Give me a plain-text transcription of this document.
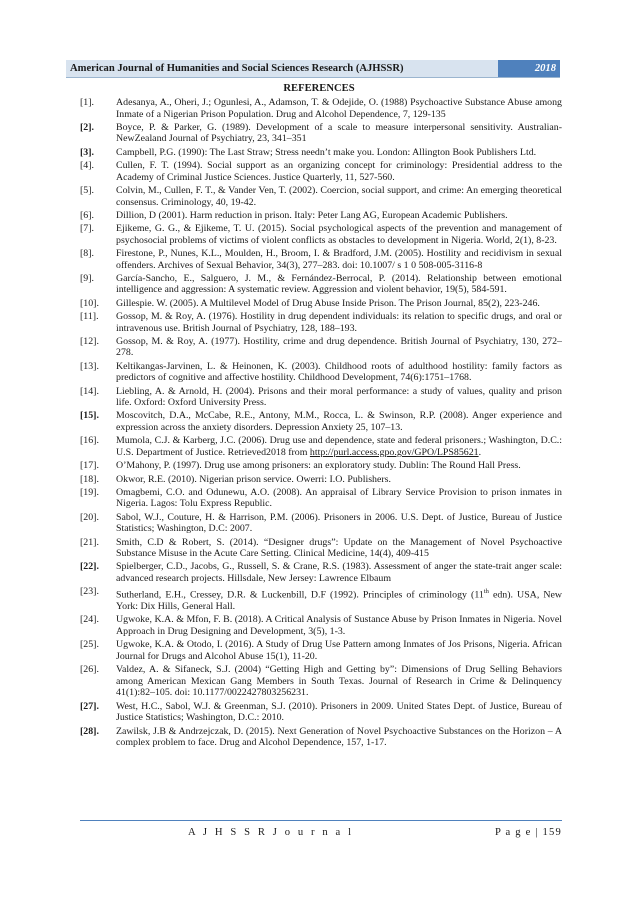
American Journal of Humanities and Social Sciences Research (AJHSSR)	2018
REFERENCES
[1]. Adesanya, A., Oheri, J.; Ogunlesi, A., Adamson, T. & Odejide, O. (1988) Psychoactive Substance Abuse among Inmate of a Nigerian Prison Population. Drug and Alcohol Dependence, 7, 129-135
[2]. Boyce, P. & Parker, G. (1989). Development of a scale to measure interpersonal sensitivity. Australian-NewZealand Journal of Psychiatry, 23, 341–351
[3]. Campbell, P.G. (1990): The Last Straw; Stress needn’t make you. London: Allington Book Publishers Ltd.
[4]. Cullen, F. T. (1994). Social support as an organizing concept for criminology: Presidential address to the Academy of Criminal Justice Sciences. Justice Quarterly, 11, 527-560.
[5]. Colvin, M., Cullen, F. T., & Vander Ven, T. (2002). Coercion, social support, and crime: An emerging theoretical consensus. Criminology, 40, 19-42.
[6]. Dillion, D (2001). Harm reduction in prison. Italy: Peter Lang AG, European Academic Publishers.
[7]. Ejikeme, G. G., & Ejikeme, T. U. (2015). Social psychological aspects of the prevention and management of psychosocial problems of victims of violent conflicts as obstacles to development in Nigeria. World, 2(1), 8-23.
[8]. Firestone, P., Nunes, K.L., Moulden, H., Broom, I. & Bradford, J.M. (2005). Hostility and recidivism in sexual offenders. Archives of Sexual Behavior, 34(3), 277–283. doi: 10.1007/ s 1 0 508-005-3116-8
[9]. García-Sancho, E., Salguero, J. M., & Fernández-Berrocal, P. (2014). Relationship between emotional intelligence and aggression: A systematic review. Aggression and violent behavior, 19(5), 584-591.
[10]. Gillespie. W. (2005). A Multilevel Model of Drug Abuse Inside Prison. The Prison Journal, 85(2), 223-246.
[11]. Gossop, M. & Roy, A. (1976). Hostility in drug dependent individuals: its relation to specific drugs, and oral or intravenous use. British Journal of Psychiatry, 128, 188–193.
[12]. Gossop, M. & Roy, A. (1977). Hostility, crime and drug dependence. British Journal of Psychiatry, 130, 272–278.
[13]. Keltikangas-Jarvinen, L. & Heinonen, K. (2003). Childhood roots of adulthood hostility: family factors as predictors of cognitive and affective hostility. Childhood Development, 74(6):1751–1768.
[14]. Liebling, A. & Arnold, H. (2004). Prisons and their moral performance: a study of values, quality and prison life. Oxford: Oxford University Press.
[15]. Moscovitch, D.A., McCabe, R.E., Antony, M.M., Rocca, L. & Swinson, R.P. (2008). Anger experience and expression across the anxiety disorders. Depression Anxiety 25, 107–13.
[16]. Mumola, C.J. & Karberg, J.C. (2006). Drug use and dependence, state and federal prisoners.; Washington, D.C.: U.S. Department of Justice. Retrieved2018 from http://purl.access.gpo.gov/GPO/LPS85621.
[17]. O’Mahony, P. (1997). Drug use among prisoners: an exploratory study. Dublin: The Round Hall Press.
[18]. Okwor, R.E. (2010). Nigerian prison service. Owerri: I.O. Publishers.
[19]. Omagbemi, C.O. and Odunewu, A.O. (2008). An appraisal of Library Service Provision to prison inmates in Nigeria. Lagos: Tolu Express Republic.
[20]. Sabol, W.J., Couture, H. & Harrison, P.M. (2006). Prisoners in 2006. U.S. Dept. of Justice, Bureau of Justice Statistics; Washington, D.C: 2007.
[21]. Smith, C.D & Robert, S. (2014). “Designer drugs”: Update on the Management of Novel Psychoactive Substance Misuse in the Acute Care Setting. Clinical Medicine, 14(4), 409-415
[22]. Spielberger, C.D., Jacobs, G., Russell, S. & Crane, R.S. (1983). Assessment of anger the state-trait anger scale: advanced research projects. Hillsdale, New Jersey: Lawrence Elbaum
[23]. Sutherland, E.H., Cressey, D.R. & Luckenbill, D.F (1992). Principles of criminology (11th edn). USA, New York: Dix Hills, General Hall.
[24]. Ugwoke, K.A. & Mfon, F. B. (2018). A Critical Analysis of Sustance Abuse by Prison Inmates in Nigeria. Novel Approach in Drug Designing and Development, 3(5), 1-3.
[25]. Ugwoke, K.A. & Otodo, I. (2016). A Study of Drug Use Pattern among Inmates of Jos Prisons, Nigeria. African Journal for Drugs and Alcohol Abuse 15(1), 11-20.
[26]. Valdez, A. & Sifaneck, S.J. (2004) “Getting High and Getting by”: Dimensions of Drug Selling Behaviors among American Mexican Gang Members in South Texas. Journal of Research in Crime & Delinquency 41(1):82–105. doi: 10.1177/0022427803256231.
[27]. West, H.C., Sabol, W.J. & Greenman, S.J. (2010). Prisoners in 2009. United States Dept. of Justice, Bureau of Justice Statistics; Washington, D.C.: 2010.
[28]. Zawilsk, J.B & Andrzejczak, D. (2015). Next Generation of Novel Psychoactive Substances on the Horizon – A complex problem to face. Drug and Alcohol Dependence, 157, 1-17.
A J H S S R J o u r n a l	P a g e | 159
